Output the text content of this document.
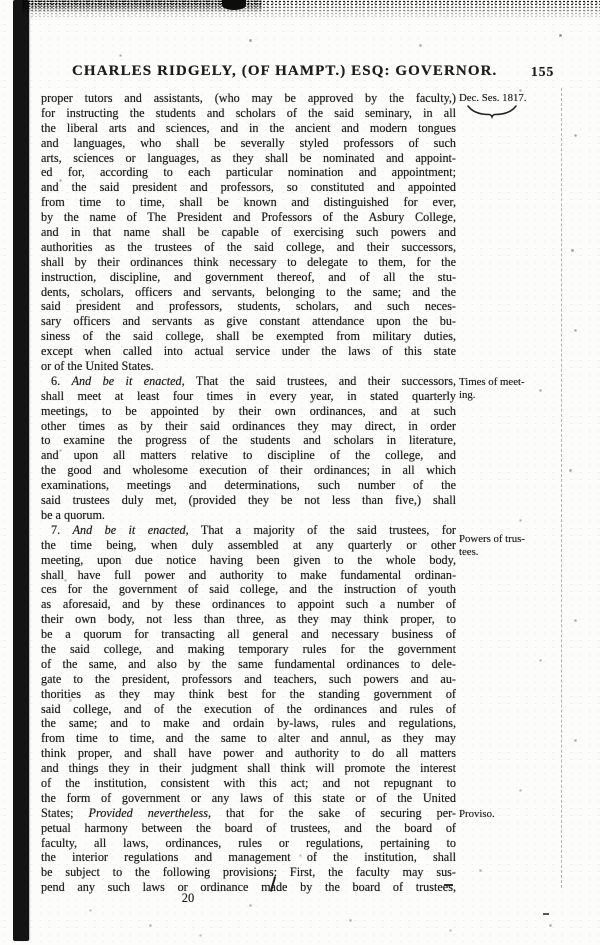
CHARLES RIDGELY, (OF HAMPT.) ESQ: GOVERNOR. 155
proper tutors and assistants, (who may be approved by the faculty,)
for instructing the students and scholars of the said seminary, in all
the liberal arts and sciences, and in the ancient and modern tongues
and languages, who shall be severally styled professors of such
arts, sciences or languages, as they shall be nominated and appoint-
ed for, according to each particular nomination and appointment;
and the said president and professors, so constituted and appointed
from time to time, shall be known and distinguished for ever,
by the name of The President and Professors of the Asbury College,
and in that name shall be capable of exercising such powers and
authorities as the trustees of the said college, and their successors,
shall by their ordinances think necessary to delegate to them, for the
instruction, discipline, and government thereof, and of all the stu-
dents, scholars, officers and servants, belonging to the same; and the
said president and professors, students, scholars, and such neces-
sary officers and servants as give constant attendance upon the bu-
siness of the said college, shall be exempted from military duties,
except when called into actual service under the laws of this state
or of the United States.
6. And be it enacted, That the said trustees, and their successors,
shall meet at least four times in every year, in stated quarterly
meetings, to be appointed by their own ordinances, and at such
other times as by their said ordinances they may direct, in order
to examine the progress of the students and scholars in literature,
and upon all matters relative to discipline of the college, and
the good and wholesome execution of their ordinances; in all which
examinations, meetings and determinations, such number of the
said trustees duly met, (provided they be not less than five,) shall
be a quorum.
7. And be it enacted, That a majority of the said trustees, for
the time being, when duly assembled at any quarterly or other
meeting, upon due notice having been given to the whole body,
shall have full power and authority to make fundamental ordinan-
ces for the government of said college, and the instruction of youth
as aforesaid, and by these ordinances to appoint such a number of
their own body, not less than three, as they may think proper, to
be a quorum for transacting all general and necessary business of
the said college, and making temporary rules for the government
of the same, and also by the same fundamental ordinances to dele-
gate to the president, professors and teachers, such powers and au-
thorities as they may think best for the standing government of
said college, and of the execution of the ordinances and rules of
the same; and to make and ordain by-laws, rules and regulations,
from time to time, and the same to alter and annul, as they may
think proper, and shall have power and authority to do all matters
and things they in their judgment shall think will promote the interest
of the institution, consistent with this act; and not repugnant to
the form of government or any laws of this state or of the United
States; Provided nevertheless, that for the sake of securing per-
petual harmony between the board of trustees, and the board of
faculty, all laws, ordinances, rules or regulations, pertaining to
the interior regulations and management of the institution, shall
be subject to the following provisions: First, the faculty may sus-
pend any such laws or ordinance made by the board of trustees,
Dec. Ses. 1817.
Times of meet-
ing.
Powers of trus-
tees.
Proviso.
20
